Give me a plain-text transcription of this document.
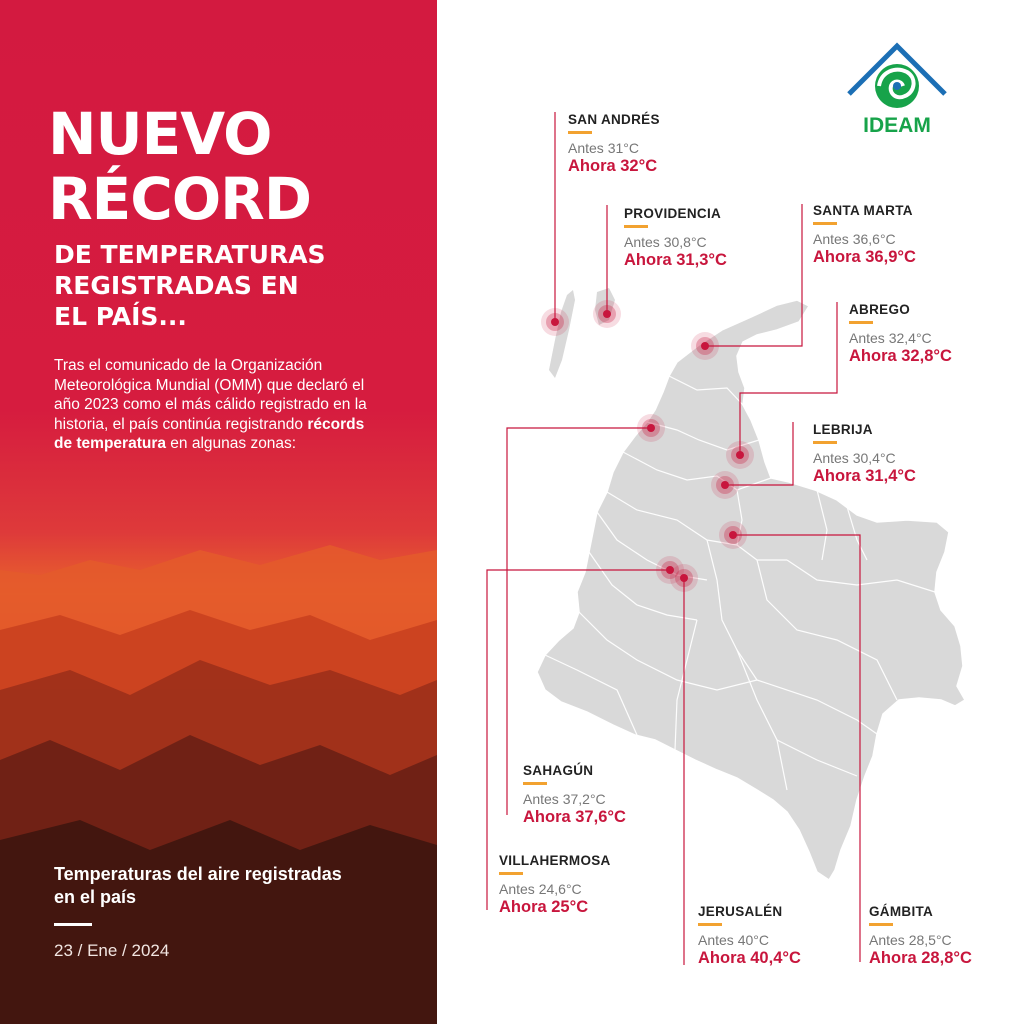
NUEVO
RÉCORD
DE TEMPERATURAS
REGISTRADAS EN
EL PAÍS...

Tras el comunicado de la Organización Meteorológica Mundial (OMM) que declaró el año 2023 como el más cálido registrado en la historia, el país continúa registrando récords de temperatura en algunas zonas:

Temperaturas del aire registradas en el país
23 / Ene / 2024
IDEAM
SAN ANDRÉS
Antes 31°C
Ahora 32°C
PROVIDENCIA
Antes 30,8°C
Ahora 31,3°C
SANTA MARTA
Antes 36,6°C
Ahora 36,9°C
ABREGO
Antes 32,4°C
Ahora 32,8°C
LEBRIJA
Antes 30,4°C
Ahora 31,4°C
SAHAGÚN
Antes 37,2°C
Ahora 37,6°C
VILLAHERMOSA
Antes 24,6°C
Ahora 25°C	JERUSALÉN
Antes 40°C
Ahora 40,4°C
GÁMBITA
Antes 28,5°C
Ahora 28,8°C
